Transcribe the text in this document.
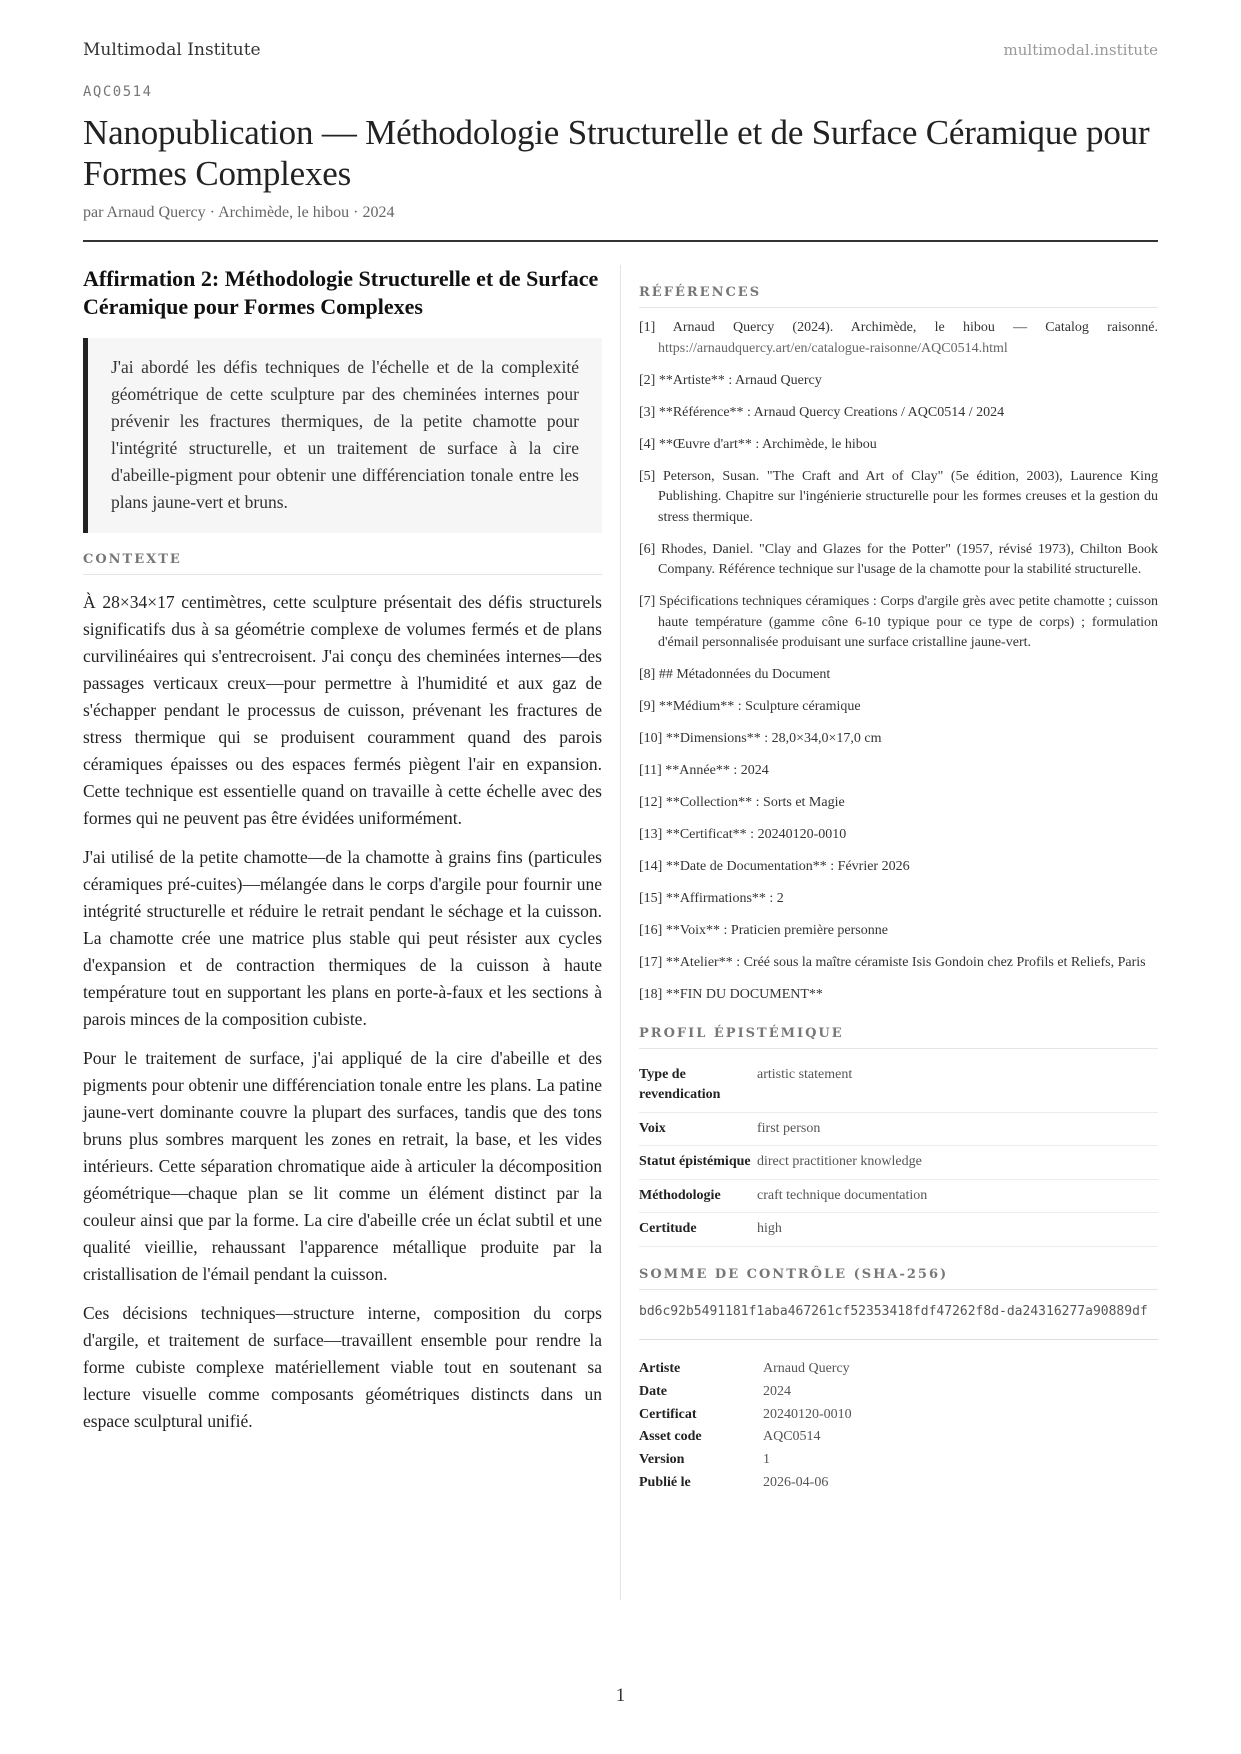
Multimodal Institute	multimodal.institute
AQC0514
Nanopublication — Méthodologie Structurelle et de Surface Céramique pour Formes Complexes
par Arnaud Quercy · Archimède, le hibou · 2024
Affirmation 2: Méthodologie Structurelle et de Surface Céramique pour Formes Complexes
J'ai abordé les défis techniques de l'échelle et de la complexité géométrique de cette sculpture par des cheminées internes pour prévenir les fractures thermiques, de la petite chamotte pour l'intégrité structurelle, et un traitement de surface à la cire d'abeille-pigment pour obtenir une différenciation tonale entre les plans jaune-vert et bruns.
CONTEXTE

À 28×34×17 centimètres, cette sculpture présentait des défis structurels significatifs dus à sa géométrie complexe de volumes fermés et de plans curvilinéaires qui s'entrecroisent. J'ai conçu des cheminées internes—des passages verticaux creux—pour permettre à l'humidité et aux gaz de s'échapper pendant le processus de cuisson, prévenant les fractures de stress thermique qui se produisent couramment quand des parois céramiques épaisses ou des espaces fermés piègent l'air en expansion. Cette technique est essentielle quand on travaille à cette échelle avec des formes qui ne peuvent pas être évidées uniformément.

J'ai utilisé de la petite chamotte—de la chamotte à grains fins (particules céramiques pré-cuites)—mélangée dans le corps d'argile pour fournir une intégrité structurelle et réduire le retrait pendant le séchage et la cuisson. La chamotte crée une matrice plus stable qui peut résister aux cycles d'expansion et de contraction thermiques de la cuisson à haute température tout en supportant les plans en porte-à-faux et les sections à parois minces de la composition cubiste.

Pour le traitement de surface, j'ai appliqué de la cire d'abeille et des pigments pour obtenir une différenciation tonale entre les plans. La patine jaune-vert dominante couvre la plupart des surfaces, tandis que des tons bruns plus sombres marquent les zones en retrait, la base, et les vides intérieurs. Cette séparation chromatique aide à articuler la décomposition géométrique—chaque plan se lit comme un élément distinct par la couleur ainsi que par la forme. La cire d'abeille crée un éclat subtil et une qualité vieillie, rehaussant l'apparence métallique produite par la cristallisation de l'émail pendant la cuisson.

Ces décisions techniques—structure interne, composition du corps d'argile, et traitement de surface—travaillent ensemble pour rendre la forme cubiste complexe matériellement viable tout en soutenant sa lecture visuelle comme composants géométriques distincts dans un espace sculptural unifié.

RÉFÉRENCES
[1] Arnaud Quercy (2024). Archimède, le hibou — Catalog raisonné. https://arnaudquercy.art/en/catalogue-raisonne/AQC0514.html
[2] **Artiste** : Arnaud Quercy
[3] **Référence** : Arnaud Quercy Creations / AQC0514 / 2024
[4] **Œuvre d'art** : Archimède, le hibou
[5] Peterson, Susan. "The Craft and Art of Clay" (5e édition, 2003), Laurence King Publishing. Chapitre sur l'ingénierie structurelle pour les formes creuses et la gestion du stress thermique.
[6] Rhodes, Daniel. "Clay and Glazes for the Potter" (1957, révisé 1973), Chilton Book Company. Référence technique sur l'usage de la chamotte pour la stabilité structurelle.
[7] Spécifications techniques céramiques : Corps d'argile grès avec petite chamotte ; cuisson haute température (gamme cône 6-10 typique pour ce type de corps) ; formulation d'émail personnalisée produisant une surface cristalline jaune-vert.
[8] ## Métadonnées du Document
[9] **Médium** : Sculpture céramique
[10] **Dimensions** : 28,0×34,0×17,0 cm
[11] **Année** : 2024
[12] **Collection** : Sorts et Magie
[13] **Certificat** : 20240120-0010
[14] **Date de Documentation** : Février 2026
[15] **Affirmations** : 2
[16] **Voix** : Praticien première personne
[17] **Atelier** : Créé sous la maître céramiste Isis Gondoin chez Profils et Reliefs, Paris
[18] **FIN DU DOCUMENT**
PROFIL ÉPISTÉMIQUE
Type de revendication	artistic statement
Voix	first person
Statut épistémique	direct practitioner knowledge
Méthodologie	craft technique documentation
Certitude	high
SOMME DE CONTRÔLE (SHA-256)
bd6c92b5491181f1aba467261cf52353418fdf47262f8d-da24316277a90889df
Artiste	Arnaud Quercy
Date	2024
Certificat	20240120-0010
Asset code	AQC0514
Version	1
Publié le	2026-04-06
1
